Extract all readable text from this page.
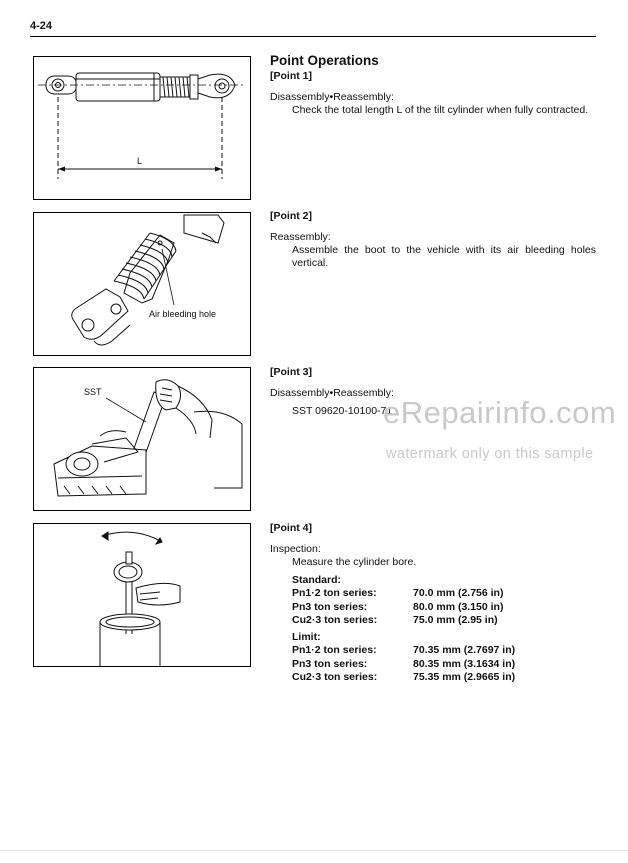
4-24
L
Air bleeding hole
SST
Point Operations
[Point 1]
Disassembly•Reassembly:
Check the total length L of the tilt cylinder when fully contracted.
[Point 2]
Reassembly:
Assemble the boot to the vehicle with its air bleeding holes vertical.
[Point 3]
Disassembly•Reassembly:
SST 09620-10100-71
[Point 4]
Inspection:
Measure the cylinder bore.
Standard:
Pn1·2 ton series:	70.0 mm (2.756 in)
Pn3 ton series:	80.0 mm (3.150 in)
Cu2·3 ton series:	75.0 mm (2.95 in)
Limit:
Pn1·2 ton series:	70.35 mm (2.7697 in)
Pn3 ton series:	80.35 mm (3.1634 in)
Cu2·3 ton series:	75.35 mm (2.9665 in)
eRepairinfo.com
watermark only on this sample
